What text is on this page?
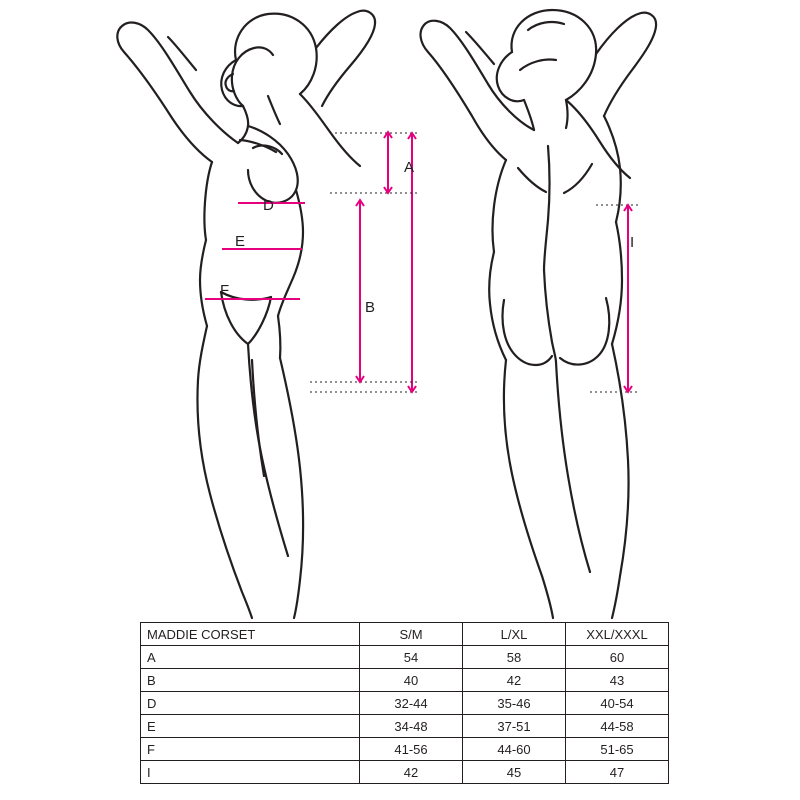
A
B
D
E
F
I
MADDIE CORSET	S/M	L/XL	XXL/XXXL
A	54	58	60
B	40	42	43
D	32-44	35-46	40-54
E	34-48	37-51	44-58
F	41-56	44-60	51-65
I	42	45	47
